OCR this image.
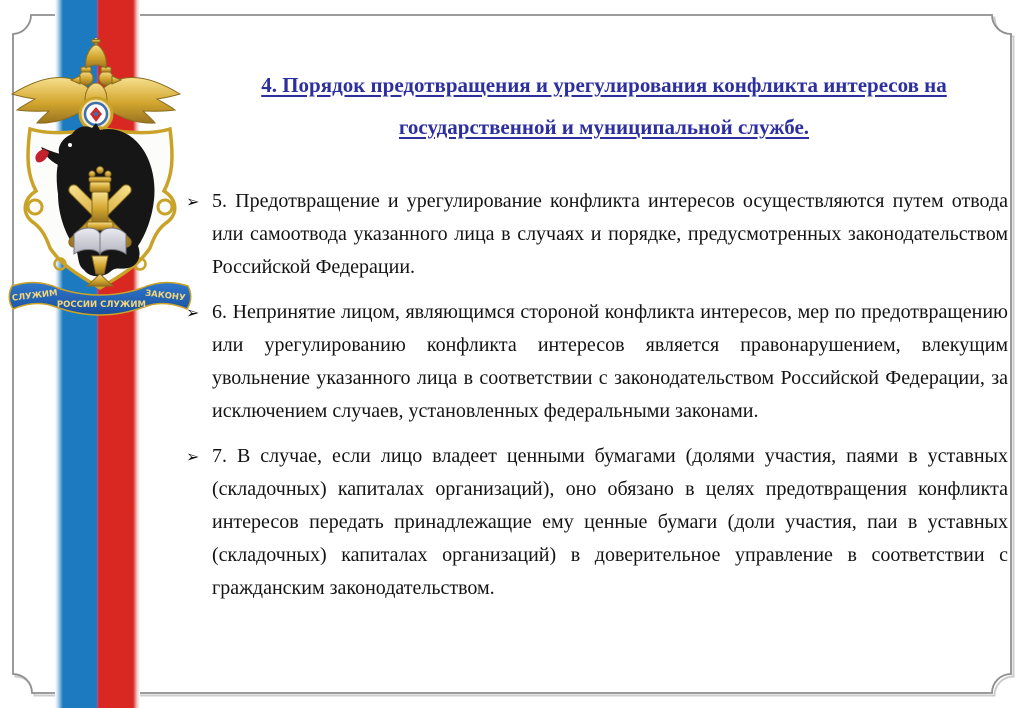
СЛУЖИМ
РОССИИ СЛУЖИМ
ЗАКОНУ
4. Порядок предотвращения и урегулирования конфликта интересов на государственной и муниципальной службе.
➢ 5. Предотвращение и урегулирование конфликта интересов осуществляются путем отвода или самоотвода указанного лица в случаях и порядке, предусмотренных законодательством Российской Федерации.

➢ 6. Непринятие лицом, являющимся стороной конфликта интересов, мер по предотвращению или урегулированию конфликта интересов является правонарушением, влекущим увольнение указанного лица в соответствии с законодательством Российской Федерации, за исключением случаев, установленных федеральными законами.

➢ 7. В случае, если лицо владеет ценными бумагами (долями участия, паями в уставных (складочных) капиталах организаций), оно обязано в целях предотвращения конфликта интересов передать принадлежащие ему ценные бумаги (доли участия, паи в уставных (складочных) капиталах организаций) в доверительное управление в соответствии с гражданским законодательством.
